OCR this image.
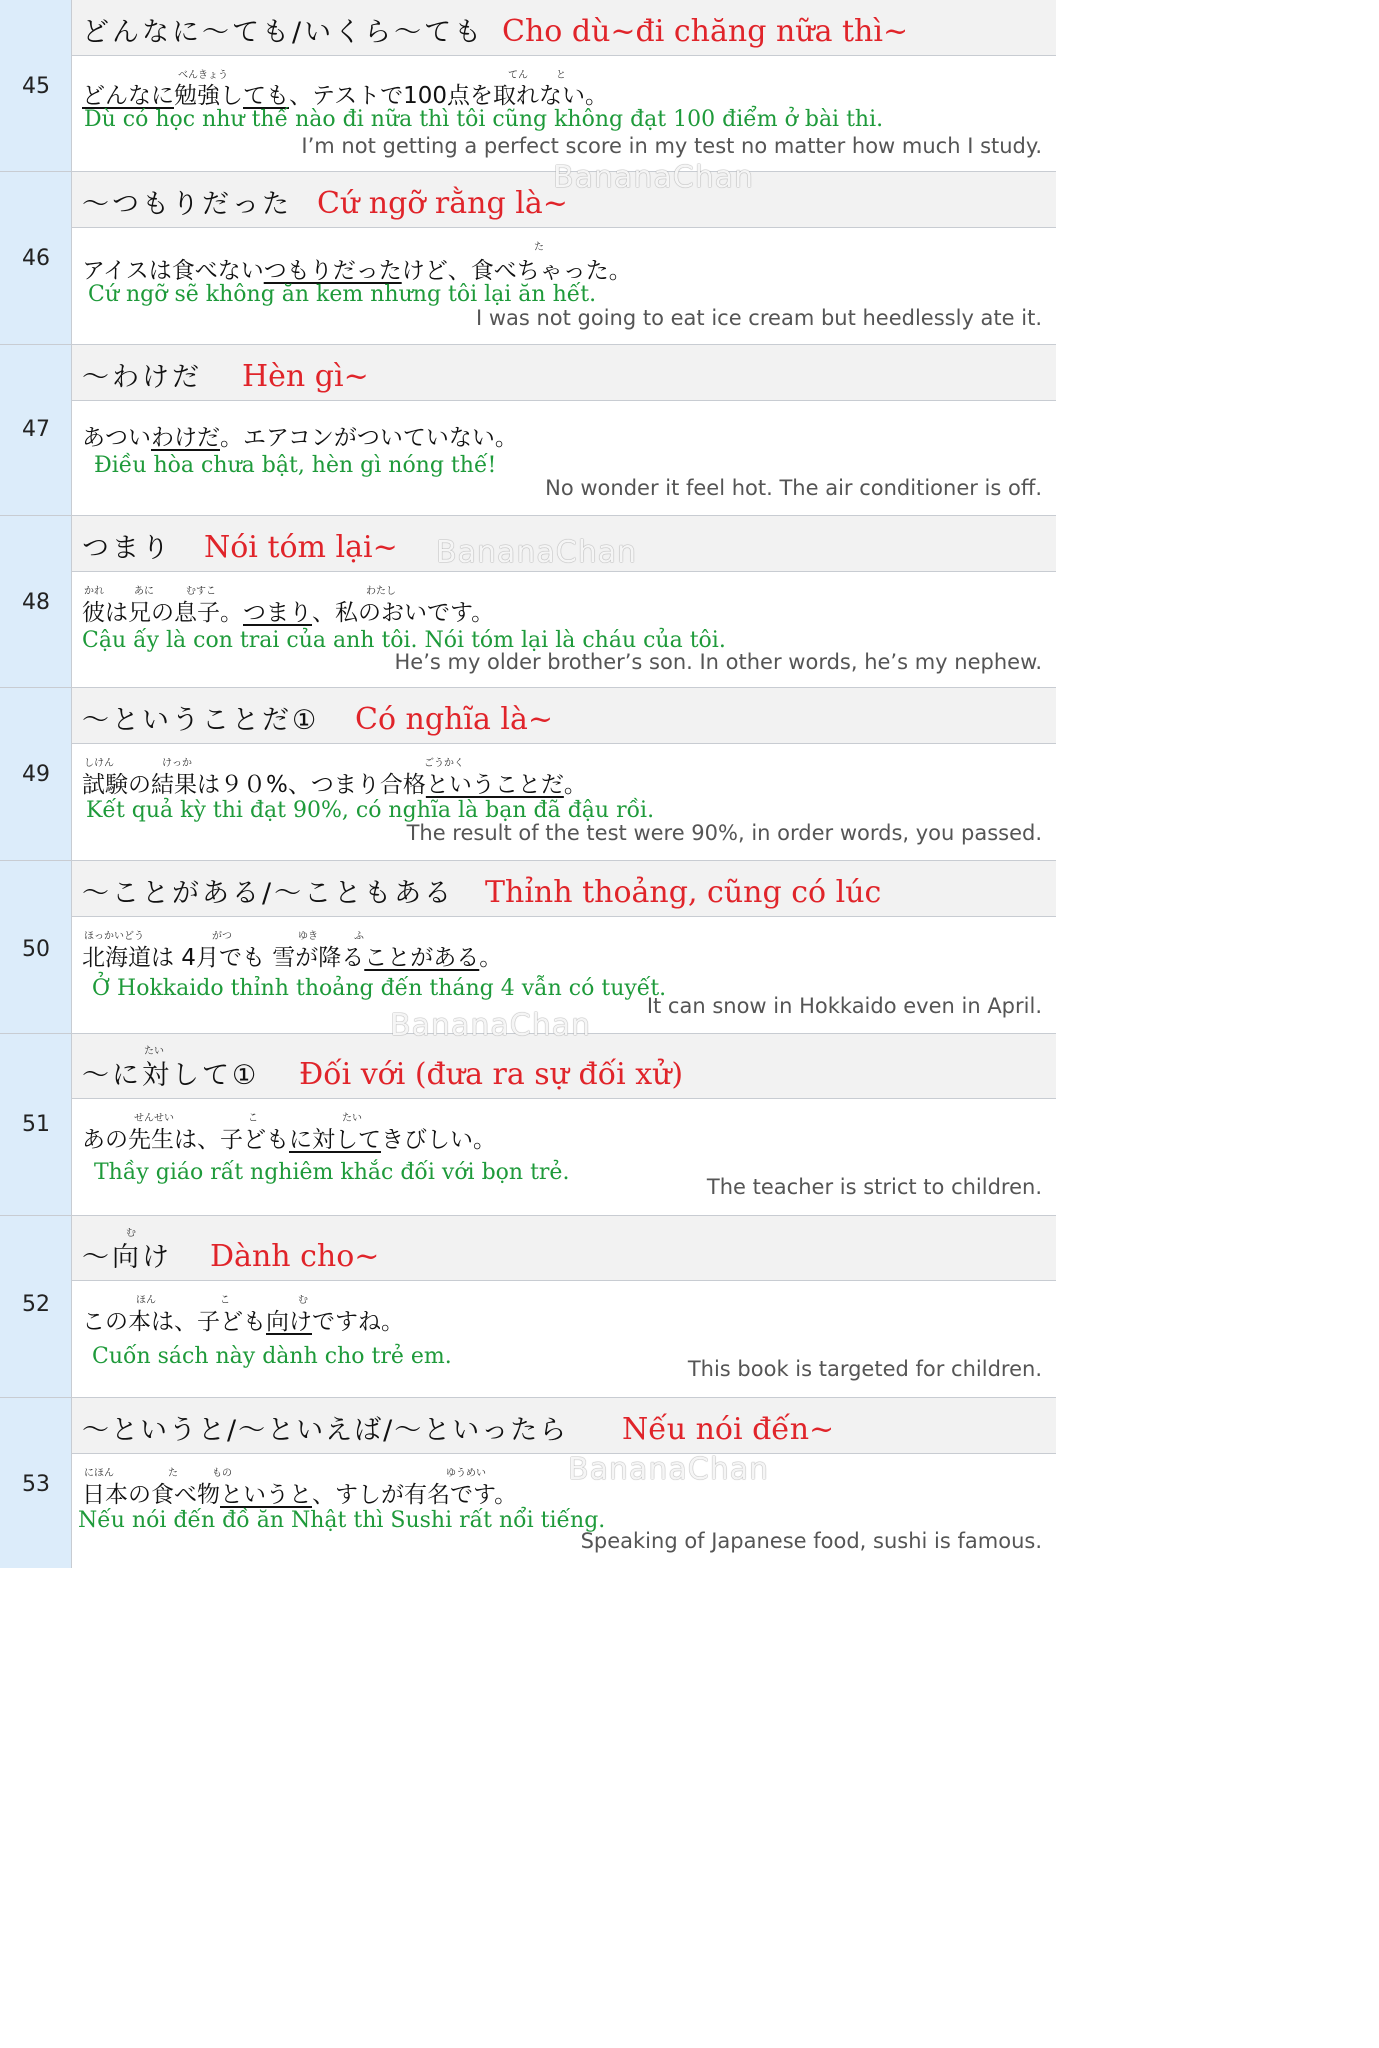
45
どんなに〜ても/いくら〜ても Cho dù~đi chăng nữa thì~
べんきょう	てん	と
どんなに勉強しても、テストで100点を取れない。
Dù có học như thế nào đi nữa thì tôi cũng không đạt 100 điểm ở bài thi.
I’m not getting a perfect score in my test no matter how much I study.
46
〜つもりだった Cứ ngỡ rằng là~
た
アイスは食べないつもりだったけど、食べちゃった。
Cứ ngỡ sẽ không ăn kem nhưng tôi lại ăn hết.
I was not going to eat ice cream but heedlessly ate it.
47
〜わけだ Hèn gì~
あついわけだ。エアコンがついていない。
Điều hòa chưa bật, hèn gì nóng thế!
No wonder it feel hot. The air conditioner is off.
48
つまり Nói tóm lại~
かれ	あに	むすこ	わたし
彼は兄の息子。つまり、私のおいです。
Cậu ấy là con trai của anh tôi. Nói tóm lại là cháu của tôi.
He’s my older brother’s son. In other words, he’s my nephew.
49
〜ということだ① Có nghĩa là~
しけん	けっか	ごうかく
試験の結果は９０%、つまり合格ということだ。
Kết quả kỳ thi đạt 90%, có nghĩa là bạn đã đậu rồi.
The result of the test were 90%, in order words, you passed.
50
〜ことがある/〜こともある Thỉnh thoảng, cũng có lúc
ほっかいどう	がつ	ゆき	ふ
北海道は 4月でも 雪が降ることがある。
Ở Hokkaido thỉnh thoảng đến tháng 4 vẫn có tuyết.
It can snow in Hokkaido even in April.
51
たい
〜に対して① Đối với (đưa ra sự đối xử)
せんせい	こ	たい
あの先生は、子どもに対してきびしい。
Thầy giáo rất nghiêm khắc đối với bọn trẻ.
The teacher is strict to children.
52
む
〜向け Dành cho~
ほん	こ	む
この本は、子ども向けですね。
Cuốn sách này dành cho trẻ em.	This book is targeted for children.
53
〜というと/〜といえば/〜といったら Nếu nói đến~
にほん	た	もの	ゆうめい
日本の食べ物というと、すしが有名です。
Nếu nói đến đồ ăn Nhật thì Sushi rất nổi tiếng.
Speaking of Japanese food, sushi is famous.
BananaChan
BananaChan
BananaChan
BananaChan
